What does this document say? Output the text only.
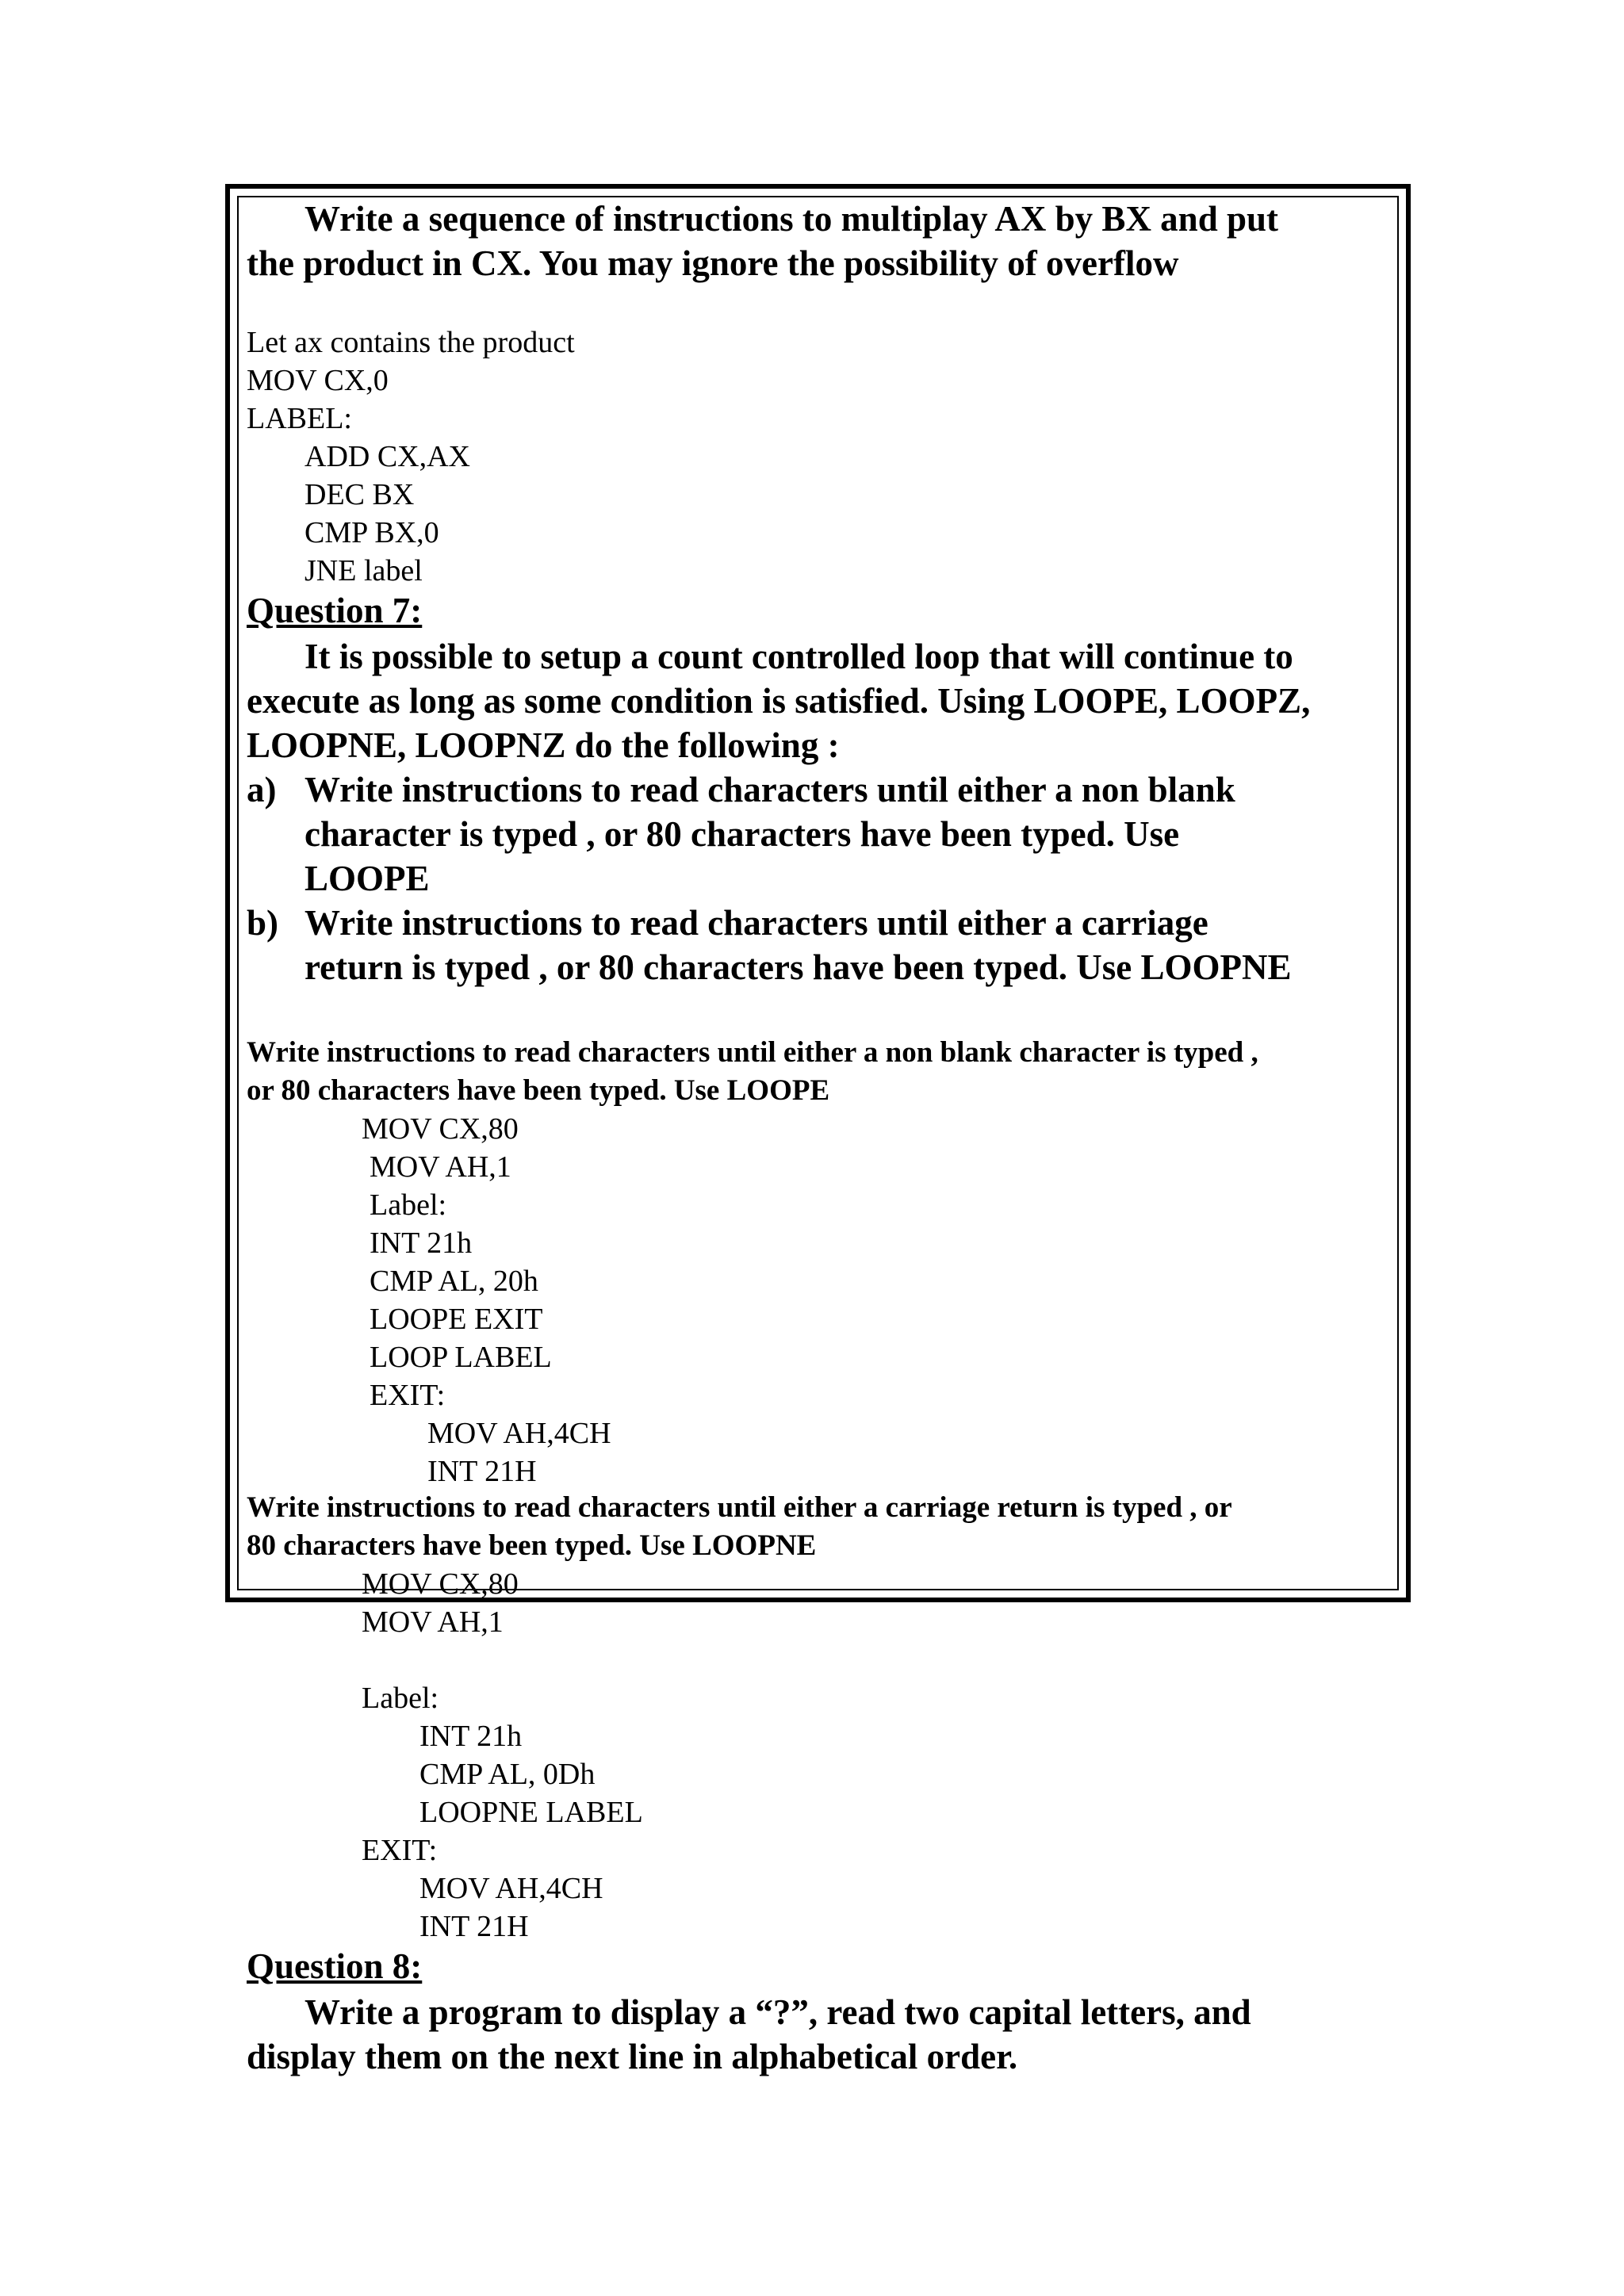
Write a sequence of instructions to multiplay AX by BX and put

the product in CX. You may ignore the possibility of overflow

Let ax contains the product

MOV CX,0

LABEL:

ADD CX,AX

DEC BX

CMP BX,0

JNE label

Question 7:

It is possible to setup a count controlled loop that will continue to

execute as long as some condition is satisfied. Using LOOPE, LOOPZ,

LOOPNE, LOOPNZ do the following :

a) Write instructions to read characters until either a non blank

character is typed , or 80 characters have been typed. Use

LOOPE

b) Write instructions to read characters until either a carriage

return is typed , or 80 characters have been typed. Use LOOPNE

Write instructions to read characters until either a non blank character is typed ,

or 80 characters have been typed. Use LOOPE

MOV CX,80

MOV AH,1

Label:

INT 21h

CMP AL, 20h

LOOPE EXIT

LOOP LABEL

EXIT:

MOV AH,4CH

INT 21H

Write instructions to read characters until either a carriage return is typed , or

80 characters have been typed. Use LOOPNE

MOV CX,80

MOV AH,1

Label:

INT 21h

CMP AL, 0Dh

LOOPNE LABEL

EXIT:

MOV AH,4CH

INT 21H

Question 8:

Write a program to display a “?”, read two capital letters, and

display them on the next line in alphabetical order.
